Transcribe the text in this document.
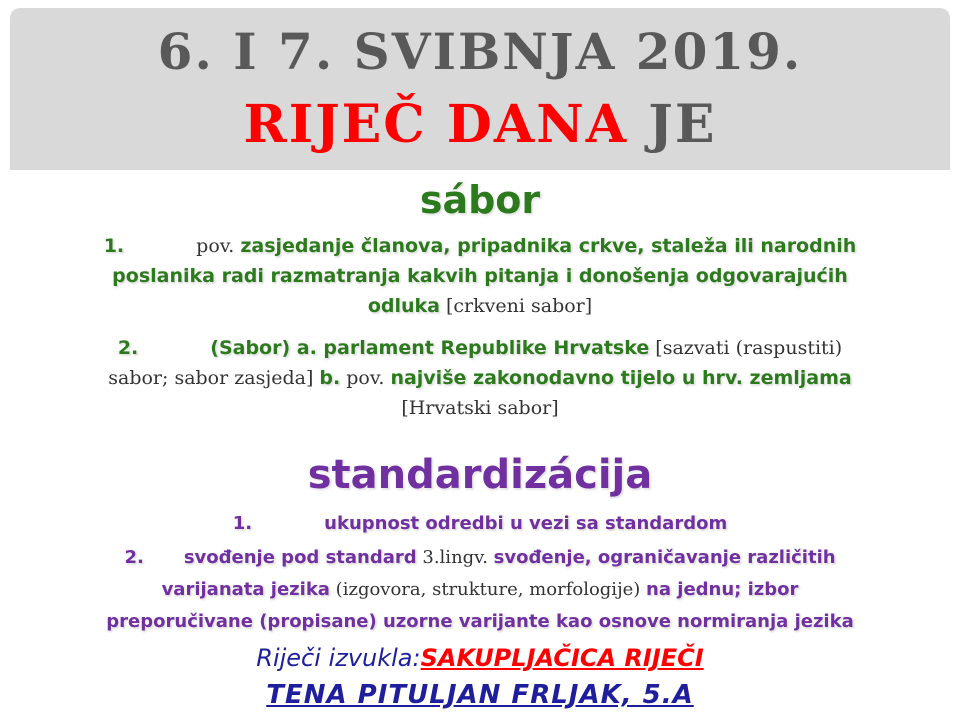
6. I 7. SVIBNJA 2019.
RIJEČ DANA JE
sábor
1.	pov. zasjedanje članova, pripadnika crkve, staleža ili narodnih
poslanika radi razmatranja kakvih pitanja i donošenja odgovarajućih
odluka [crkveni sabor]
2.	(Sabor) a. parlament Republike Hrvatske [sazvati (raspustiti)
sabor; sabor zasjeda] b. pov. najviše zakonodavno tijelo u hrv. zemljama
[Hrvatski sabor]
standardizácija
1.	ukupnost odredbi u vezi sa standardom
2. svođenje pod standard 3.lingv. svođenje, ograničavanje različitih
varijanata jezika (izgovora, strukture, morfologije) na jednu; izbor
preporučivane (propisane) uzorne varijante kao osnove normiranja jezika
Riječi izvukla:SAKUPLJAČICA RIJEČI
TENA PITULJAN FRLJAK, 5.A
